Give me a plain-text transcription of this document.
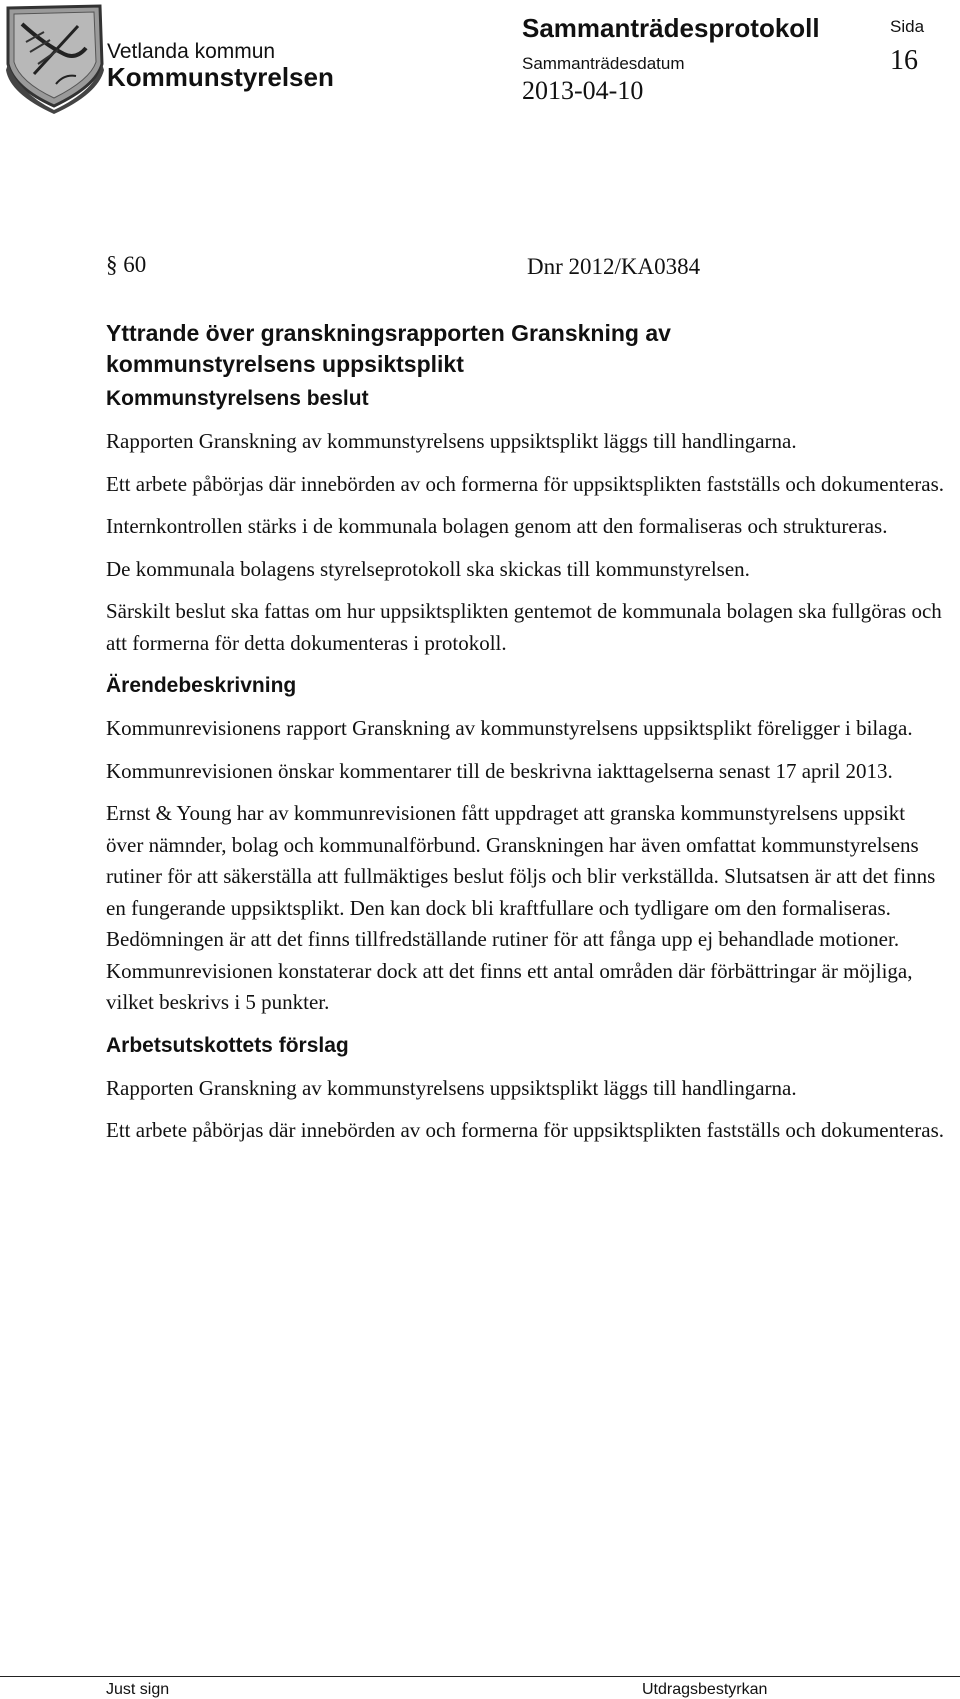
Vetlanda kommun
Kommunstyrelsen
Sammanträdesprotokoll
Sammanträdesdatum
2013-04-10
Sida
16
§ 60	Dnr 2012/KA0384

Yttrande över granskningsrapporten Granskning av

kommunstyrelsens uppsiktsplikt

Kommunstyrelsens beslut

Rapporten Granskning av kommunstyrelsens uppsiktsplikt läggs till handlingarna.

Ett arbete påbörjas där innebörden av och formerna för uppsiktsplikten fastställs och dokumenteras.

Internkontrollen stärks i de kommunala bolagen genom att den formaliseras och struktureras.

De kommunala bolagens styrelseprotokoll ska skickas till kommunstyrelsen.

Särskilt beslut ska fattas om hur uppsiktsplikten gentemot de kommunala bolagen ska fullgöras och att formerna för detta dokumenteras i protokoll.

Ärendebeskrivning

Kommunrevisionens rapport Granskning av kommunstyrelsens uppsiktsplikt föreligger i bilaga.

Kommunrevisionen önskar kommentarer till de beskrivna iakttagelserna senast 17 april 2013.

Ernst & Young har av kommunrevisionen fått uppdraget att granska kommunstyrelsens uppsikt över nämnder, bolag och kommunalförbund. Granskningen har även omfattat kommunstyrelsens rutiner för att säkerställa att fullmäktiges beslut följs och blir verkställda. Slutsatsen är att det finns en fungerande uppsiktsplikt. Den kan dock bli kraftfullare och tydligare om den formaliseras. Bedömningen är att det finns tillfredställande rutiner för att fånga upp ej behandlade motioner. Kommunrevisionen konstaterar dock att det finns ett antal områden där förbättringar är möjliga, vilket beskrivs i 5 punkter.

Arbetsutskottets förslag

Rapporten Granskning av kommunstyrelsens uppsiktsplikt läggs till handlingarna.

Ett arbete påbörjas där innebörden av och formerna för uppsiktsplikten fastställs och dokumenteras.

Just sign	Utdragsbestyrkan
